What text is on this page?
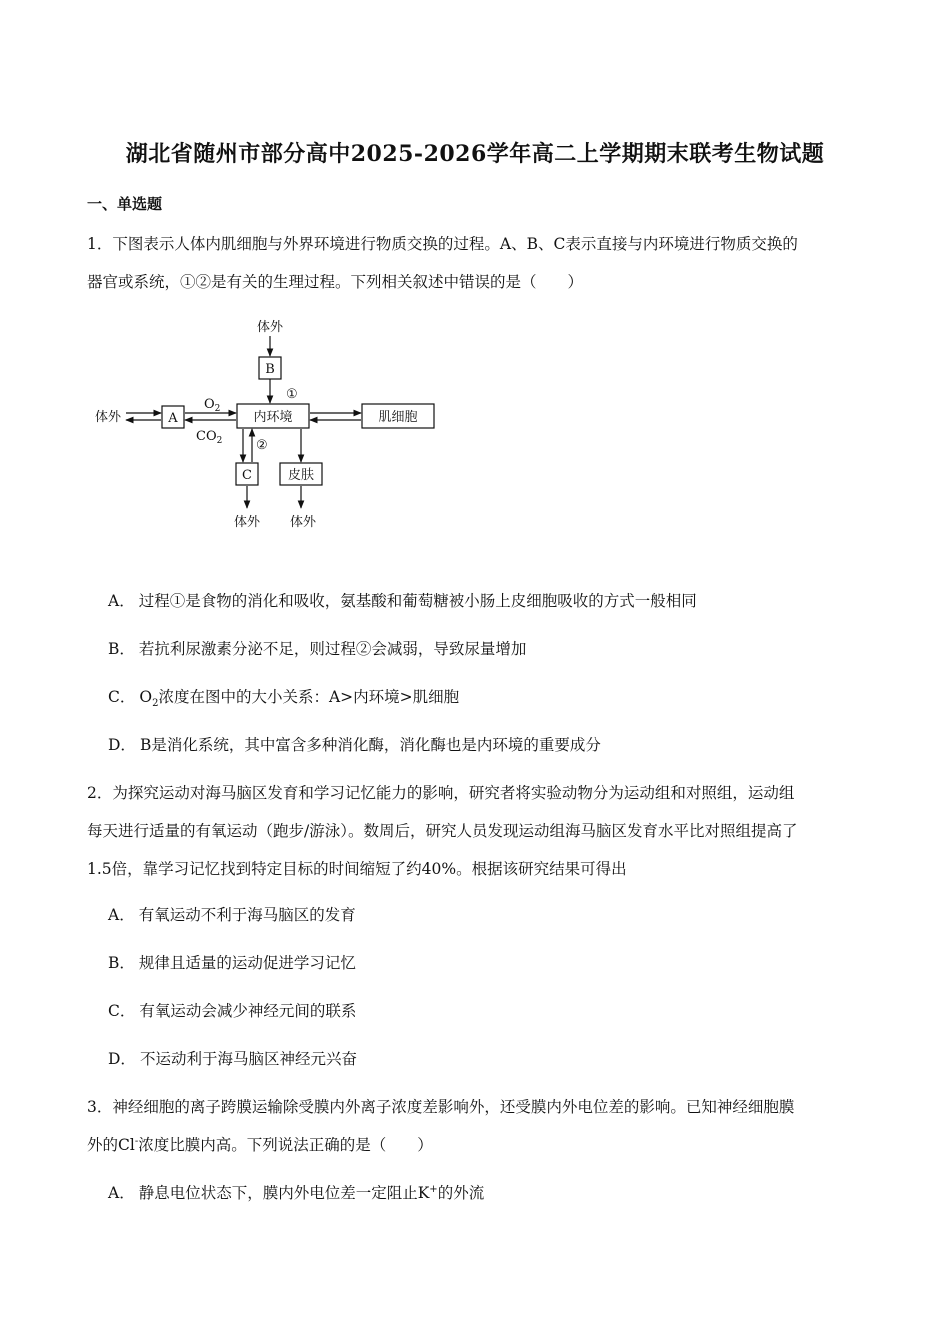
湖北省随州市部分高中2025-2026学年高二上学期期末联考生物试题
一、单选题
1．下图表示人体内肌细胞与外界环境进行物质交换的过程。A、B、C表示直接与内环境进行物质交换的
器官或系统，①②是有关的生理过程。下列相关叙述中错误的是（　　）
体外
B
①
体外	A	内环境	肌细胞
$O_2$
$CO_2$	②
C	皮肤
体外 体外
A． 过程①是食物的消化和吸收，氨基酸和葡萄糖被小肠上皮细胞吸收的方式一般相同
B． 若抗利尿激素分泌不足，则过程②会减弱，导致尿量增加
C． $O_2$浓度在图中的大小关系：A>内环境>肌细胞
D． B是消化系统，其中富含多种消化酶，消化酶也是内环境的重要成分
2．为探究运动对海马脑区发育和学习记忆能力的影响，研究者将实验动物分为运动组和对照组，运动组
每天进行适量的有氧运动（跑步/游泳）。数周后，研究人员发现运动组海马脑区发育水平比对照组提高了
1.5倍，靠学习记忆找到特定目标的时间缩短了约40%。根据该研究结果可得出
A． 有氧运动不利于海马脑区的发育
B． 规律且适量的运动促进学习记忆
C． 有氧运动会减少神经元间的联系
D． 不运动利于海马脑区神经元兴奋
3．神经细胞的离子跨膜运输除受膜内外离子浓度差影响外，还受膜内外电位差的影响。已知神经细胞膜
外的Cl-浓度比膜内高。下列说法正确的是（　　）
A． 静息电位状态下，膜内外电位差一定阻止K+的外流
